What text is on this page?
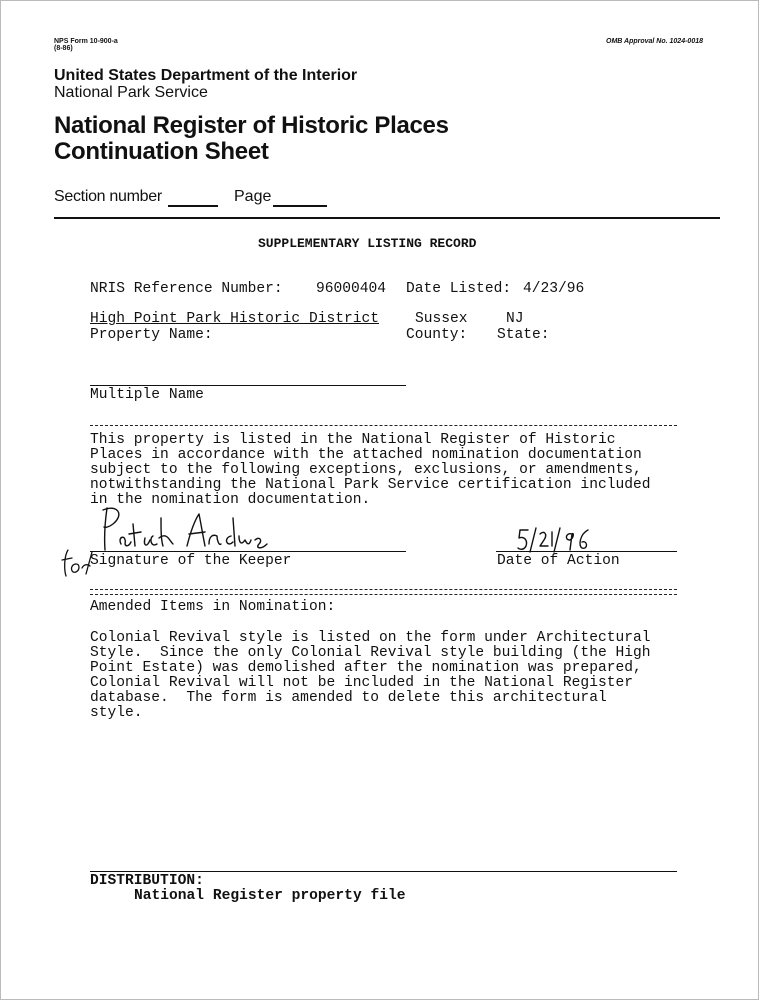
NPS Form 10-900-a
(8-86)
OMB Approval No. 1024-0018
United States Department of the Interior
National Park Service
National Register of Historic Places
Continuation Sheet
Section number	Page
SUPPLEMENTARY LISTING RECORD
NRIS Reference Number: 96000404 Date Listed: 4/23/96
High Point Park Historic District Sussex	NJ
Property Name:	County: State:
Multiple Name
This property is listed in the National Register of Historic
Places in accordance with the attached nomination documentation
subject to the following exceptions, exclusions, or amendments,
notwithstanding the National Park Service certification included
in the nomination documentation.
Signature of the Keeper	Date of Action
Amended Items in Nomination:
Colonial Revival style is listed on the form under Architectural
Style.  Since the only Colonial Revival style building (the High
Point Estate) was demolished after the nomination was prepared,
Colonial Revival will not be included in the National Register
database.  The form is amended to delete this architectural
style.
DISTRIBUTION:
National Register property file
